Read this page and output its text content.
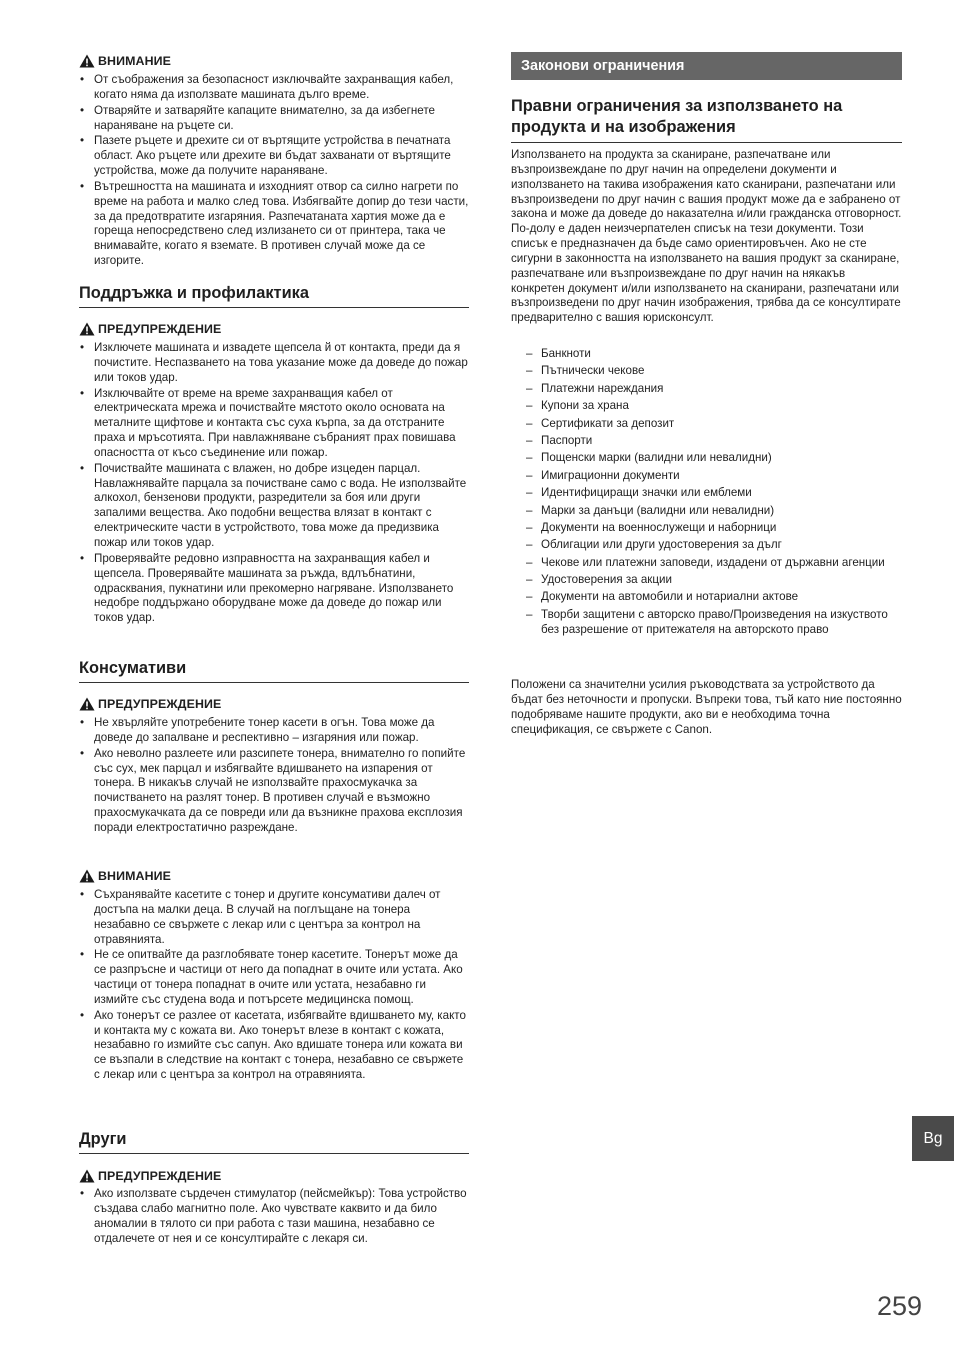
ВНИМАНИЕ
• От съображения за безопасност изключвайте захранващия кабел, когато няма да използвате машината дълго време.
• Отваряйте и затваряйте капаците внимателно, за да избегнете нараняване на ръцете си.
• Пазете ръцете и дрехите си от въртящите устройства в печатната област. Ако ръцете или дрехите ви бъдат захванати от въртящите устройства, може да получите нараняване.
• Вътрешността на машината и изходният отвор са силно нагрети по време на работа и малко след това. Избягвайте допир до тези части, за да предотвратите изгаряния. Разпечатаната хартия може да е гореща непосредствено след излизането си от принтера, така че внимавайте, когато я вземате. В противен случай може да се изгорите.
Поддръжка и профилактика
ПРЕДУПРЕЖДЕНИЕ
• Изключете машината и извадете щепсела й от контакта, преди да я почистите. Неспазването на това указание може да доведе до пожар или токов удар.
• Изключвайте от време на време захранващия кабел от електрическата мрежа и почиствайте мястото около основата на металните щифтове и контакта със суха кърпа, за да отстраните праха и мръсотията. При навлажняване събраният прах повишава опасността от късо съединение или пожар.
• Почиствайте машината с влажен, но добре изцеден парцал. Навлажнявайте парцала за почистване само с вода. Не използвайте алкохол, бензенови продукти, разредители за боя или други запалими вещества. Ако подобни вещества влязат в контакт с електрическите части в устройството, това може да предизвика пожар или токов удар.
• Проверявайте редовно изправността на захранващия кабел и щепсела. Проверявайте машината за ръжда, вдлъбнатини, одрасквания, пукнатини или прекомерно нагряване. Използването недобре поддържано оборудване може да доведе до пожар или токов удар.
Консумативи
ПРЕДУПРЕЖДЕНИЕ
• Не хвърляйте употребените тонер касети в огън. Това може да доведе до запалване и респективно – изгаряния или пожар.
• Ако неволно разлеете или разсипете тонера, внимателно го попийте със сух, мек парцал и избягвайте вдишването на изпарения от тонера. В никакъв случай не използвайте прахосмукачка за почистването на разлят тонер. В противен случай е възможно прахосмукачката да се повреди или да възникне прахова експлозия поради електростатично разреждане.
ВНИМАНИЕ
• Съхранявайте касетите с тонер и другите консумативи далеч от достъпа на малки деца. В случай на поглъщане на тонера незабавно се свържете с лекар или с центъра за контрол на отравянията.
• Не се опитвайте да разглобявате тонер касетите. Тонерът може да се разпръсне и частици от него да попаднат в очите или устата. Ако частици от тонера попаднат в очите или устата, незабавно ги измийте със студена вода и потърсете медицинска помощ.
• Ако тонерът се разлее от касетата, избягвайте вдишването му, както и контакта му с кожата ви. Ако тонерът влезе в контакт с кожата, незабавно го измийте със сапун. Ако вдишате тонера или кожата ви се възпали в следствие на контакт с тонера, незабавно се свържете с лекар или с центъра за контрол на отравянията.
Други
ПРЕДУПРЕЖДЕНИЕ
• Ако използвате сърдечен стимулатор (пейсмейкър): Това устройство създава слабо магнитно поле. Ако чувствате каквито и да било аномалии в тялото си при работа с тази машина, незабавно се отдалечете от нея и се консултирайте с лекаря си.
Законови ограничения
Правни ограничения за използването на продукта и на изображения

Използването на продукта за сканиране, разпечатване или възпроизвеждане по друг начин на определени документи и използването на такива изображения като сканирани, разпечатани или възпроизведени по друг начин с вашия продукт може да е забранено от закона и може да доведе до наказателна и/или гражданска отговорност. По-долу е даден неизчерпателен списък на тези документи. Този списък е предназначен да бъде само ориентировъчен. Ако не сте сигурни в законността на използването на вашия продукт за сканиране, разпечатване или възпроизвеждане по друг начин на някакъв конкретен документ и/или използването на сканирани, разпечатани или възпроизведени по друг начин изображения, трябва да се консултирате предварително с вашия юрисконсулт.

– Банкноти
– Пътнически чекове
– Платежни нареждания
– Купони за храна
– Сертификати за депозит
– Паспорти
– Пощенски марки (валидни или невалидни)
– Имиграционни документи
– Идентифициращи значки или емблеми
– Марки за данъци (валидни или невалидни)
– Документи на военнослужещи и наборници
– Облигации или други удостоверения за дълг
– Чекове или платежни заповеди, издадени от държавни агенции
– Удостоверения за акции
– Документи на автомобили и нотариални актове
– Творби защитени с авторско право/Произведения на изкуството без разрешение от притежателя на авторското право

Положени са значителни усилия ръководствата за устройството да бъдат без неточности и пропуски. Въпреки това, тъй като ние постоянно подобряваме нашите продукти, ако ви е необходима точна спецификация, се свържете с Canon.

Bg
259
